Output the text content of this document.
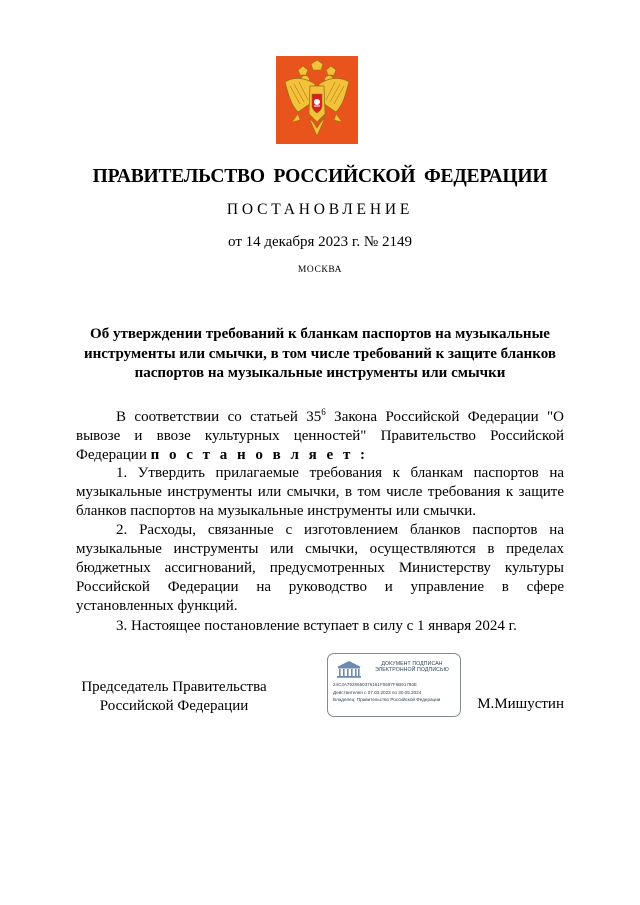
ПРАВИТЕЛЬСТВО РОССИЙСКОЙ ФЕДЕРАЦИИ
ПОСТАНОВЛЕНИЕ
от 14 декабря 2023 г. № 2149
МОСКВА
Об утверждении требований к бланкам паспортов на музыкальные инструменты или смычки, в том числе требований к защите бланков паспортов на музыкальные инструменты или смычки
В соответствии со статьей $35^6$ Закона Российской Федерации "О вывозе и ввозе культурных ценностей" Правительство Российской Федерации п о с т а н о в л я е т :
1. Утвердить прилагаемые требования к бланкам паспортов на музыкальные инструменты или смычки, в том числе требования к защите бланков паспортов на музыкальные инструменты или смычки.
2. Расходы, связанные с изготовлением бланков паспортов на музыкальные инструменты или смычки, осуществляются в пределах бюджетных ассигнований, предусмотренных Министерству культуры Российской Федерации на руководство и управление в сфере установленных функций.
3. Настоящее постановление вступает в силу с 1 января 2024 г.
Председатель Правительства
Российской Федерации
ДОКУМЕНТ ПОДПИСАН
ЭЛЕКТРОННОЙ ПОДПИСЬЮ
24C3A7928650376161F0697F6B91780E
Действителен с 07.03.2023 по 30.05.2024
Владелец: Правительство Российской Федерации	М.Мишустин
